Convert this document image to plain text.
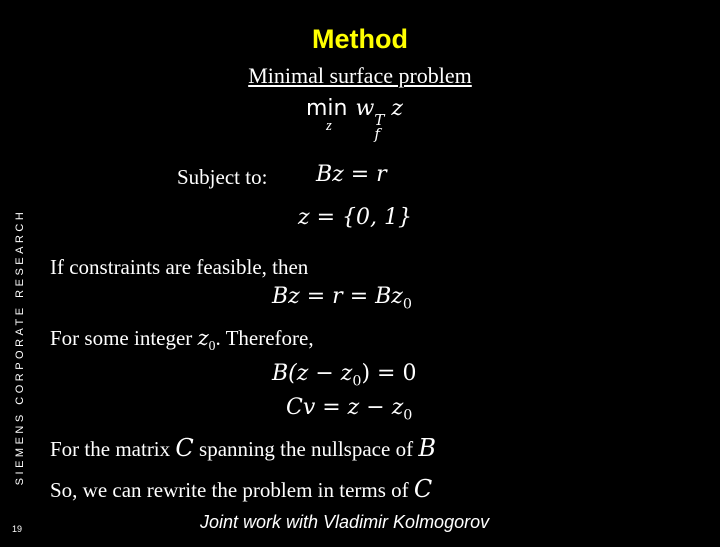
Method
Minimal surface problem
min
z
w T
f
z
Subject to: Bz = r
z = {0, 1}
If constraints are feasible, then
$Bz = r = Bz_0$
For some integer $z_0$. Therefore,
$B(z - z_0) = 0$
$Cv = z - z_0$
For the matrix C spanning the nullspace of B
So, we can rewrite the problem in terms of C
Joint work with Vladimir Kolmogorov
19
SIEMENS CORPORATE RESEARCH
